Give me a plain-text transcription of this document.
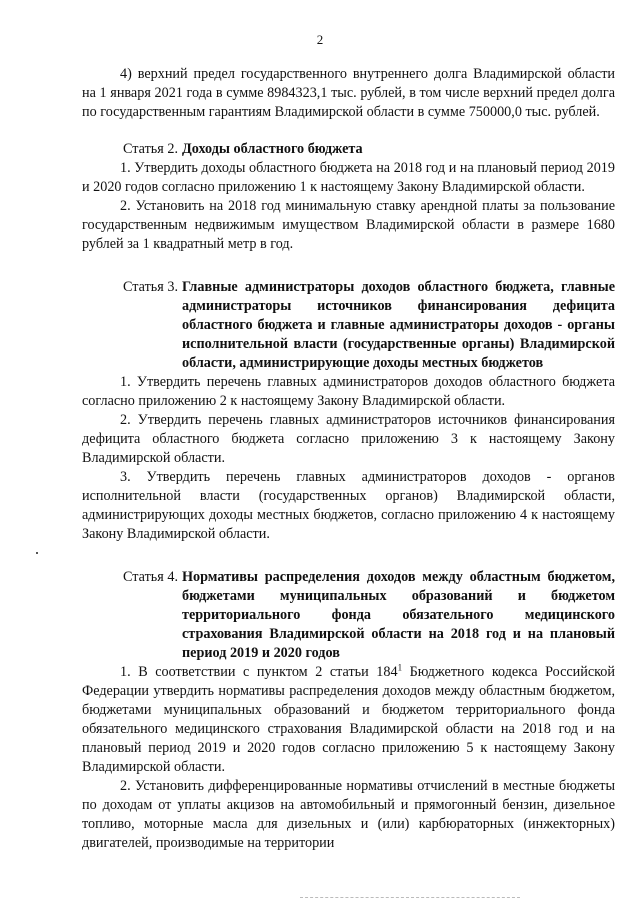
2

4) верхний предел государственного внутреннего долга Владимирской области на 1 января 2021 года в сумме 8984323,1 тыс. рублей, в том числе верхний предел долга по государственным гарантиям Владимирской области в сумме 750000,0 тыс. рублей.

Статья 2.	Доходы областного бюджета

1. Утвердить доходы областного бюджета на 2018 год и на плановый период 2019 и 2020 годов согласно приложению 1 к настоящему Закону Владимирской области.

2. Установить на 2018 год минимальную ставку арендной платы за пользование государственным недвижимым имуществом Владимирской области в размере 1680 рублей за 1 квадратный метр в год.

Статья 3.	Главные администраторы доходов областного бюджета, главные администраторы источников финансирования дефицита областного бюджета и главные администраторы доходов - органы исполнительной власти (государственные органы) Владимирской области, администрирующие доходы местных бюджетов

1. Утвердить перечень главных администраторов доходов областного бюджета согласно приложению 2 к настоящему Закону Владимирской области.

2. Утвердить перечень главных администраторов источников финансирования дефицита областного бюджета согласно приложению 3 к настоящему Закону Владимирской области.

3. Утвердить перечень главных администраторов доходов - органов исполнительной власти (государственных органов) Владимирской области, администрирующих доходы местных бюджетов, согласно приложению 4 к настоящему Закону Владимирской области.

Статья 4.	Нормативы распределения доходов между областным бюджетом, бюджетами муниципальных образований и бюджетом территориального фонда обязательного медицинского страхования Владимирской области на 2018 год и на плановый период 2019 и 2020 годов

1. В соответствии с пунктом 2 статьи $184^1$ Бюджетного кодекса Российской Федерации утвердить нормативы распределения доходов между областным бюджетом, бюджетами муниципальных образований и бюджетом территориального фонда обязательного медицинского страхования Владимирской области на 2018 год и на плановый период 2019 и 2020 годов согласно приложению 5 к настоящему Закону Владимирской области.

2. Установить дифференцированные нормативы отчислений в местные бюджеты по доходам от уплаты акцизов на автомобильный и прямогонный бензин, дизельное топливо, моторные масла для дизельных и (или) карбюраторных (инжекторных) двигателей, производимые на территории
